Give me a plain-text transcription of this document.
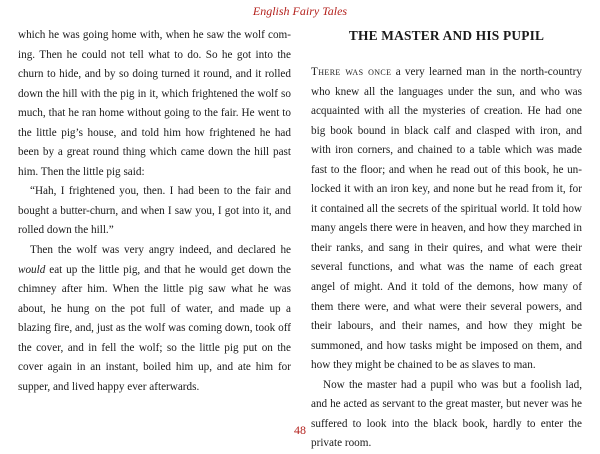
English Fairy Tales

which he was going home with, when he saw the wolf coming. Then he could not tell what to do. So he got into the churn to hide, and by so doing turned it round, and it rolled down the hill with the pig in it, which frightened the wolf so much, that he ran home without going to the fair. He went to the little pig’s house, and told him how frightened he had been by a great round thing which came down the hill past him. Then the little pig said:

“Hah, I frightened you, then. I had been to the fair and bought a butter-churn, and when I saw you, I got into it, and rolled down the hill.”

Then the wolf was very angry indeed, and declared he would eat up the little pig, and that he would get down the chimney after him. When the little pig saw what he was about, he hung on the pot full of water, and made up a blazing fire, and, just as the wolf was coming down, took off the cover, and in fell the wolf; so the little pig put on the cover again in an instant, boiled him up, and ate him for supper, and lived happy ever afterwards.

THE MASTER AND HIS PUPIL

There was once a very learned man in the north-country who knew all the languages under the sun, and who was acquainted with all the mysteries of creation. He had one big book bound in black calf and clasped with iron, and with iron corners, and chained to a table which was made fast to the floor; and when he read out of this book, he unlocked it with an iron key, and none but he read from it, for it contained all the secrets of the spiritual world. It told how many angels there were in heaven, and how they marched in their ranks, and sang in their quires, and what were their several functions, and what was the name of each great angel of might. And it told of the demons, how many of them there were, and what were their several powers, and their labours, and their names, and how they might be summoned, and how tasks might be imposed on them, and how they might be chained to be as slaves to man.

Now the master had a pupil who was but a foolish lad, and he acted as servant to the great master, but never was he suffered to look into the black book, hardly to enter the private room.

48
